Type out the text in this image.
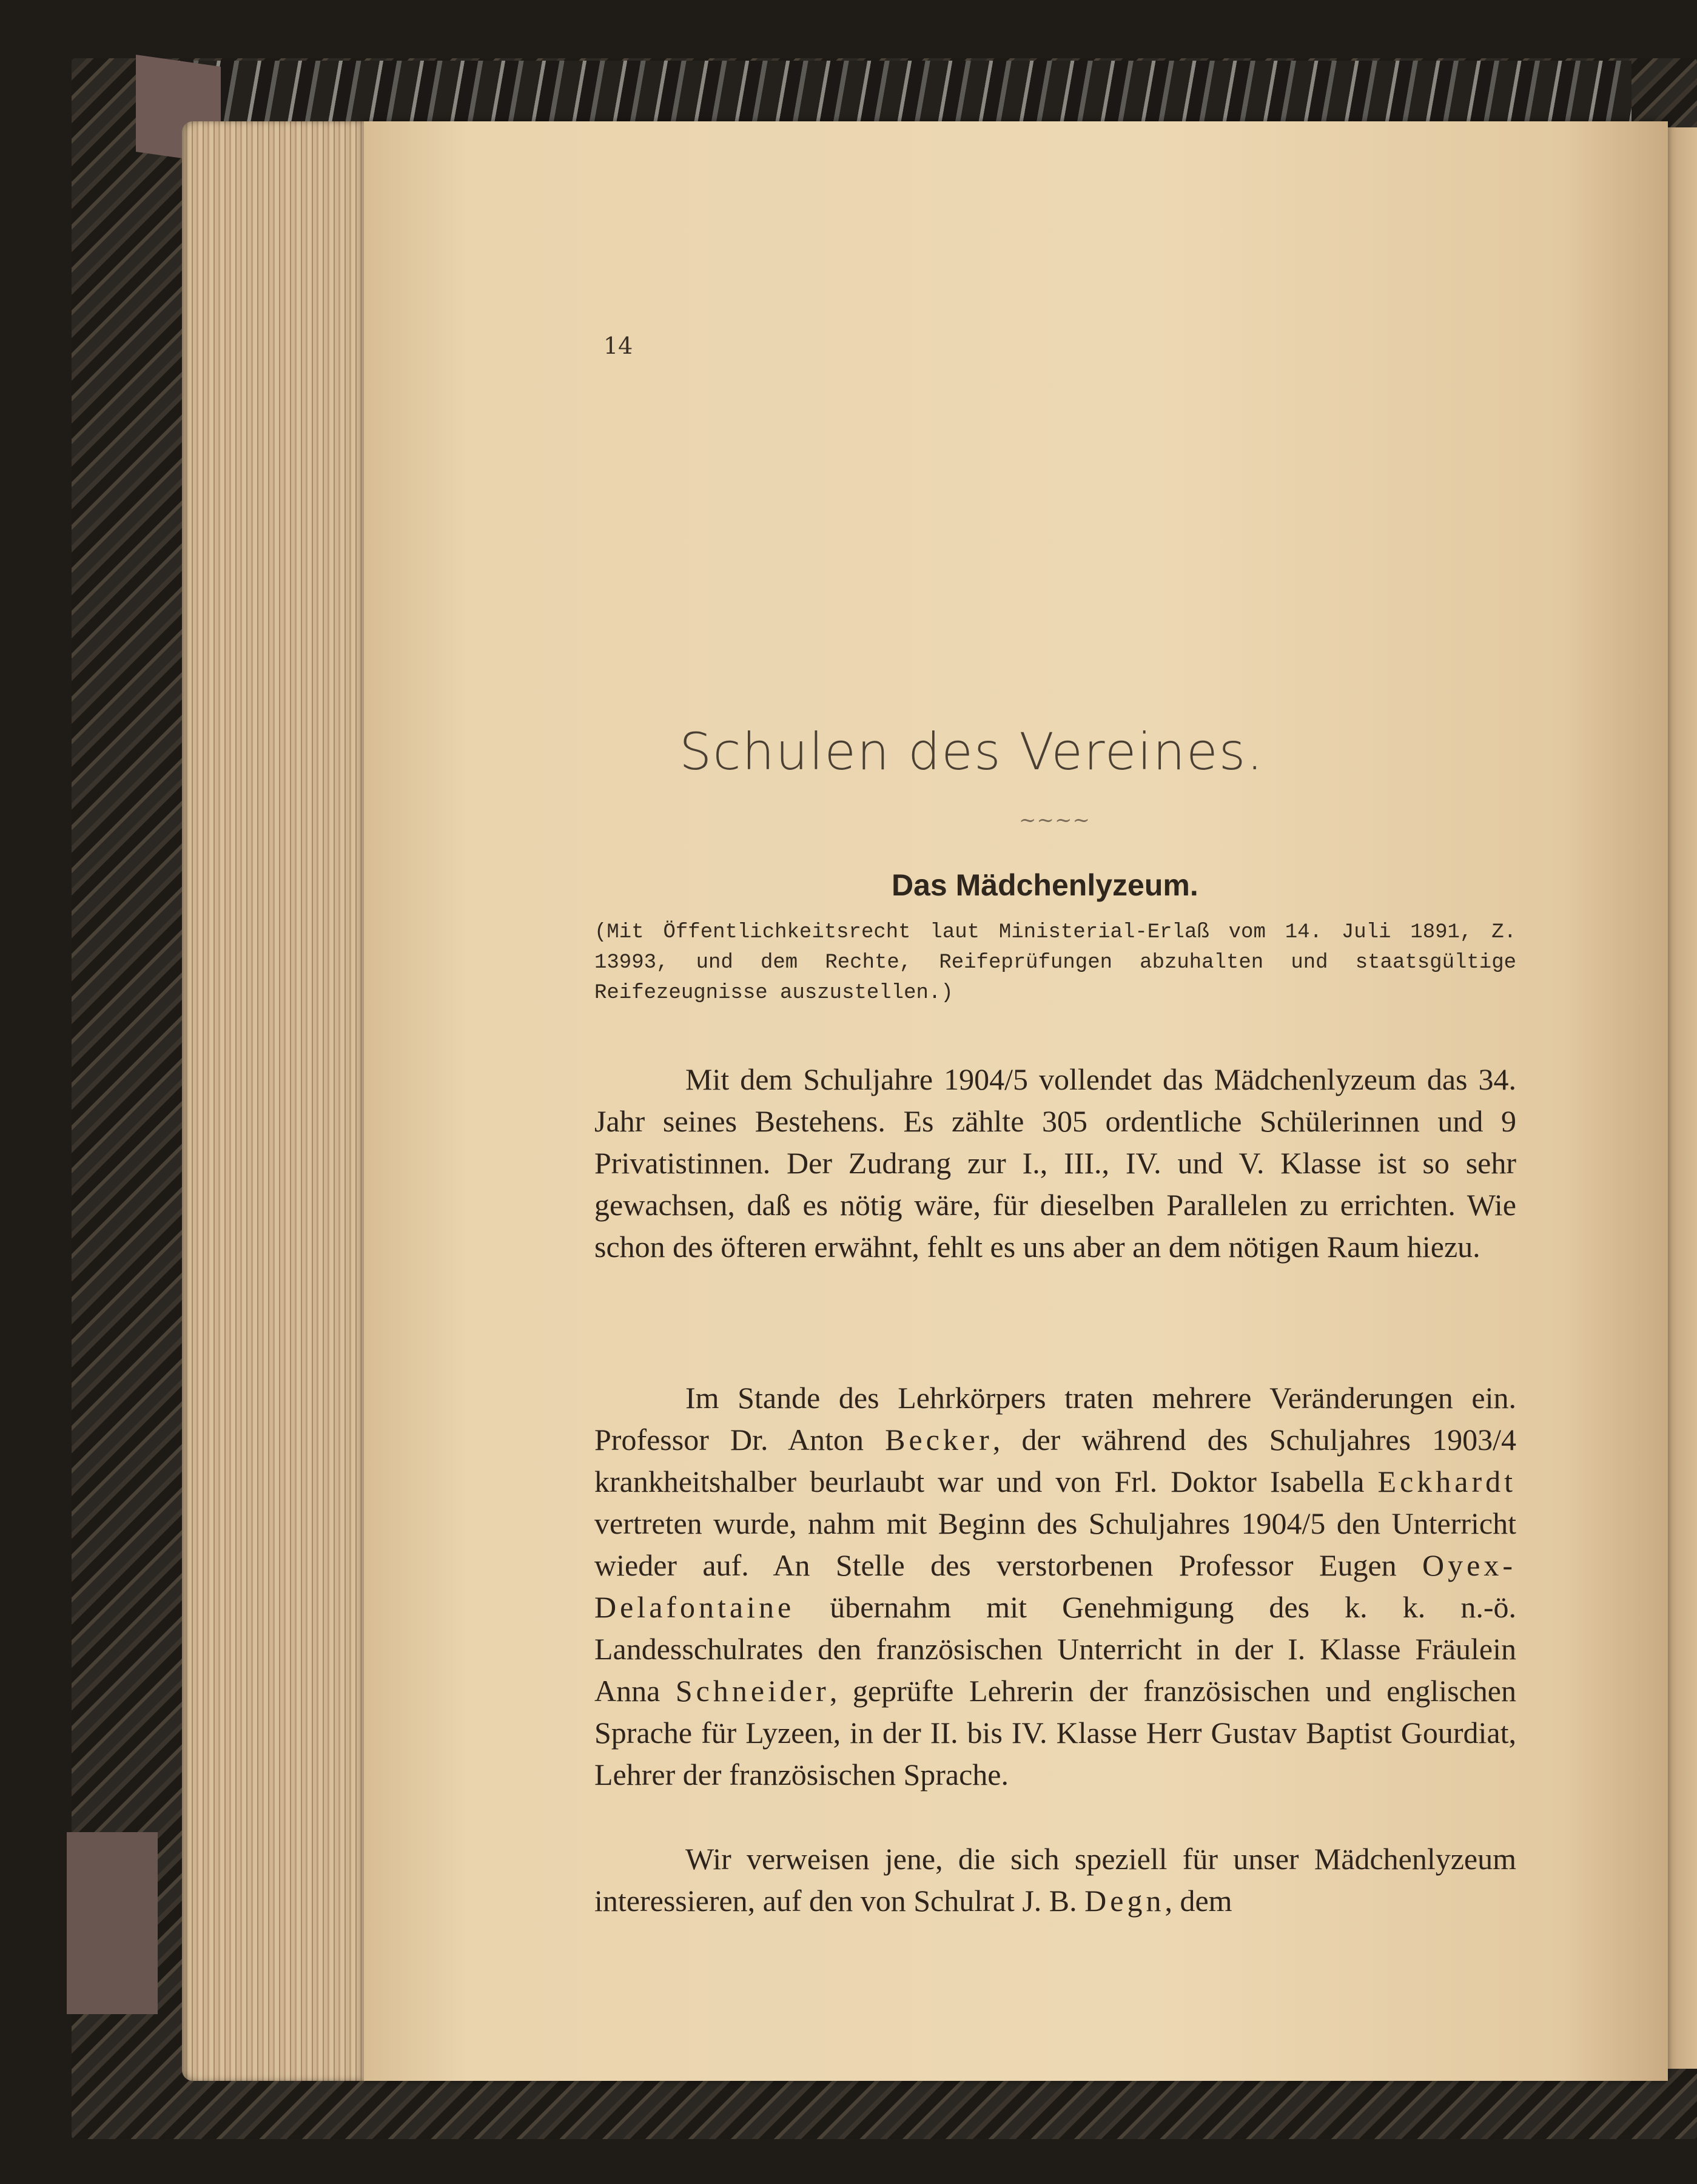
14
Schulen des Vereines.
~~~~
Das Mädchenlyzeum.
(Mit Öffentlichkeitsrecht laut Ministerial-Erlaß vom 14. Juli 1891, Z. 13993, und dem Rechte, Reifeprüfungen abzuhalten und staatsgültige Reifezeugnisse auszustellen.)

Mit dem Schuljahre 1904/5 vollendet das Mädchenlyzeum das 34. Jahr seines Bestehens. Es zählte 305 ordentliche Schülerinnen und 9 Privatistinnen. Der Zudrang zur I., III., IV. und V. Klasse ist so sehr gewachsen, daß es nötig wäre, für dieselben Parallelen zu errichten. Wie schon des öfteren erwähnt, fehlt es uns aber an dem nötigen Raum hiezu.

Im Stande des Lehrkörpers traten mehrere Veränderungen ein. Professor Dr. Anton Becker, der während des Schuljahres 1903/4 krankheitshalber beurlaubt war und von Frl. Doktor Isabella Eckhardt vertreten wurde, nahm mit Beginn des Schuljahres 1904/5 den Unterricht wieder auf. An Stelle des verstorbenen Professor Eugen Oyex-Delafontaine übernahm mit Genehmigung des k. k. n.-ö. Landesschulrates den französischen Unterricht in der I. Klasse Fräulein Anna Schneider, geprüfte Lehrerin der französischen und englischen Sprache für Lyzeen, in der II. bis IV. Klasse Herr Gustav Baptist Gourdiat, Lehrer der französischen Sprache.

Wir verweisen jene, die sich speziell für unser Mädchenlyzeum interessieren, auf den von Schulrat J. B. Degn, dem
